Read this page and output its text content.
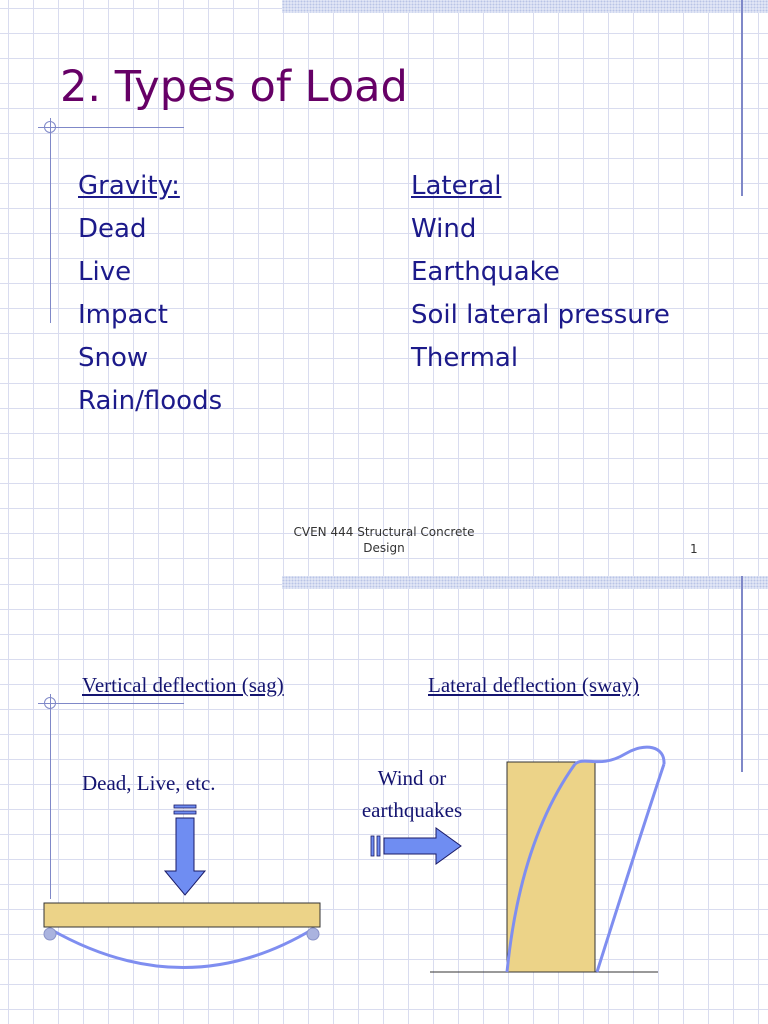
2. Types of Load
Gravity:
Dead
Live
Impact
Snow
Rain/floods
Lateral
Wind
Earthquake
Soil lateral pressure
Thermal
CVEN 444 Structural Concrete
Design	1
Vertical deflection (sag)	Lateral deflection (sway)
Dead, Live, etc.	Wind or
earthquakes
